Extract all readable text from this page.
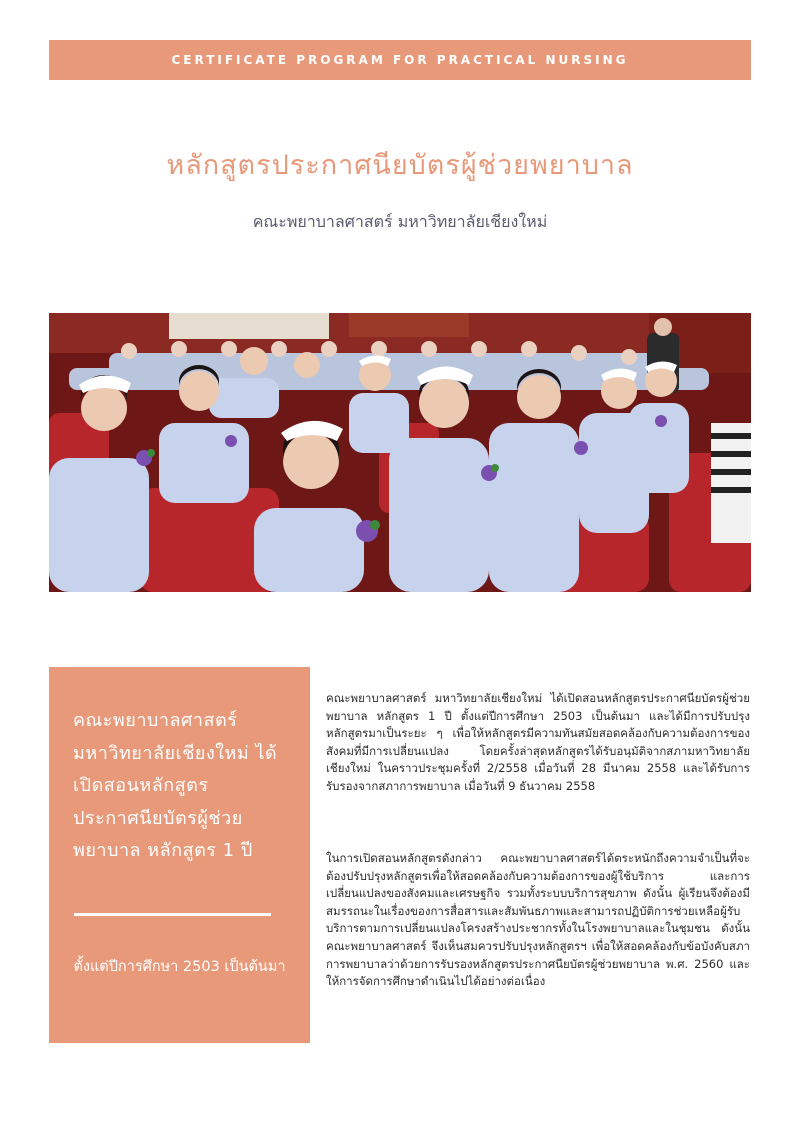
CERTIFICATE PROGRAM FOR PRACTICAL NURSING
หลักสูตรประกาศนียบัตรผู้ช่วยพยาบาล

คณะพยาบาลศาสตร์ มหาวิทยาลัยเชียงใหม่

คณะพยาบาลศาสตร์ มหาวิทยาลัยเชียงใหม่ ได้เปิดสอนหลักสูตร ประกาศนียบัตรผู้ช่วย พยาบาล หลักสูตร 1 ปี
ตั้งแต่ปีการศึกษา 2503 เป็นต้นมา

คณะพยาบาลศาสตร์ มหาวิทยาลัยเชียงใหม่ ได้เปิดสอนหลักสูตรประกาศนียบัตรผู้ช่วยพยาบาล หลักสูตร 1 ปี ตั้งแต่ปีการศึกษา 2503 เป็นต้นมา และได้มีการปรับปรุงหลักสูตรมาเป็นระยะ ๆ เพื่อให้หลักสูตรมีความทันสมัยสอดคล้องกับความต้องการของสังคมที่มีการเปลี่ยนแปลง โดยครั้งล่าสุดหลักสูตรได้รับอนุมัติจากสภามหาวิทยาลัยเชียงใหม่ ในคราวประชุมครั้งที่ 2/2558 เมื่อวันที่ 28 มีนาคม 2558 และได้รับการรับรองจากสภาการพยาบาล เมื่อวันที่ 9 ธันวาคม 2558

ในการเปิดสอนหลักสูตรดังกล่าว คณะพยาบาลศาสตร์ได้ตระหนักถึงความจำเป็นที่จะต้องปรับปรุงหลักสูตรเพื่อให้สอดคล้องกับความต้องการของผู้ใช้บริการ และการเปลี่ยนแปลงของสังคมและเศรษฐกิจ รวมทั้งระบบบริการสุขภาพ ดังนั้น ผู้เรียนจึงต้องมีสมรรถนะในเรื่องของการสื่อสารและสัมพันธภาพและสามารถปฏิบัติการช่วยเหลือผู้รับบริการตามการเปลี่ยนแปลงโครงสร้างประชากรทั้งในโรงพยาบาลและในชุมชน ดังนั้น คณะพยาบาลศาสตร์ จึงเห็นสมควรปรับปรุงหลักสูตรฯ เพื่อให้สอดคล้องกับข้อบังคับสภาการพยาบาลว่าด้วยการรับรองหลักสูตรประกาศนียบัตรผู้ช่วยพยาบาล พ.ศ. 2560 และให้การจัดการศึกษาดำเนินไปได้อย่างต่อเนื่อง
